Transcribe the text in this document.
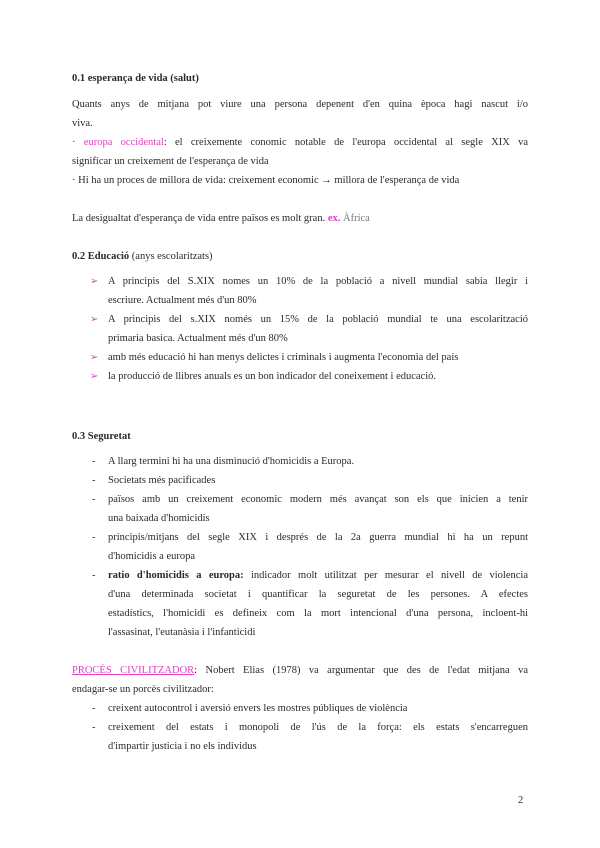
0.1 esperança de vida (salut)
Quants anys de mitjana pot viure una persona depenent d'en quina època hagi nascut i/o
viva.
· europa occidental: el creixemente conomic notable de l'europa occidental al segle XIX va
significar un creixement de l'esperança de vida
· Hi ha un proces de millora de vida: creixement economic → millora de l'esperança de vida
La desigualtat d'esperança de vida entre països es molt gran. ex. Àfrica
0.2 Educació (anys escolaritzats)
➢ A principis del S.XIX nomes un 10% de la població a nivell mundial sabia llegir i
escriure. Actualment més d'un 80%
➢ A principis del s.XIX només un 15% de la població mundial te una escolarització
primaria basica. Actualment més d'un 80%
➢ amb més educació hi han menys delictes i criminals i augmenta l'economia del país
➢ la producció de llibres anuals es un bon indicador del coneixement i educació.
0.3 Seguretat
- A llarg termini hi ha una disminució d'homicidis a Europa.
- Societats més pacificades
- països amb un creixement economic modern més avançat son els que inicien a tenir
una baixada d'homicidis
- principis/mitjans del segle XIX i després de la 2a guerra mundial hi ha un repunt
d'homicidis a europa
- ratio d'homicidis a europa: indicador molt utilitzat per mesurar el nivell de violencia
d'una determinada societat i quantificar la seguretat de les persones. A efectes
estadístics, l'homicidi es defineix com la mort intencional d'una persona, incloent-hi
l'assasinat, l'eutanàsia i l'infanticidi
PROCÉS CIVILITZADOR: Nobert Elias (1978) va argumentar que des de l'edat mitjana va
endagar-se un porcès civilitzador:
- creixent autocontrol i aversió envers les mostres públiques de violència
- creixement del estats i monopoli de l'ús de la força: els estats s'encarreguen
d'impartir justicia i no els individus
2
